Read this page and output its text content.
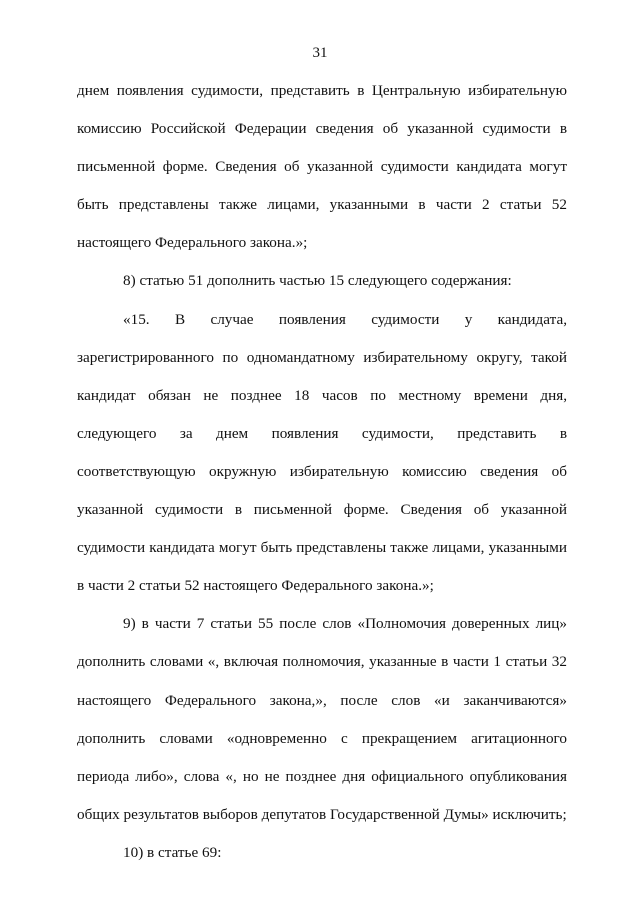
31

днем появления судимости, представить в Центральную избирательную комиссию Российской Федерации сведения об указанной судимости в письменной форме. Сведения об указанной судимости кандидата могут быть представлены также лицами, указанными в части 2 статьи 52 настоящего Федерального закона.»;

8) статью 51 дополнить частью 15 следующего содержания:

«15. В случае появления судимости у кандидата, зарегистрированного по одномандатному избирательному округу, такой кандидат обязан не позднее 18 часов по местному времени дня, следующего за днем появления судимости, представить в соответствующую окружную избирательную комиссию сведения об указанной судимости в письменной форме. Сведения об указанной судимости кандидата могут быть представлены также лицами, указанными в части 2 статьи 52 настоящего Федерального закона.»;

9) в части 7 статьи 55 после слов «Полномочия доверенных лиц» дополнить словами «, включая полномочия, указанные в части 1 статьи 32 настоящего Федерального закона,», после слов «и заканчиваются» дополнить словами «одновременно с прекращением агитационного периода либо», слова «, но не позднее дня официального опубликования общих результатов выборов депутатов Государственной Думы» исключить;

10) в статье 69:
